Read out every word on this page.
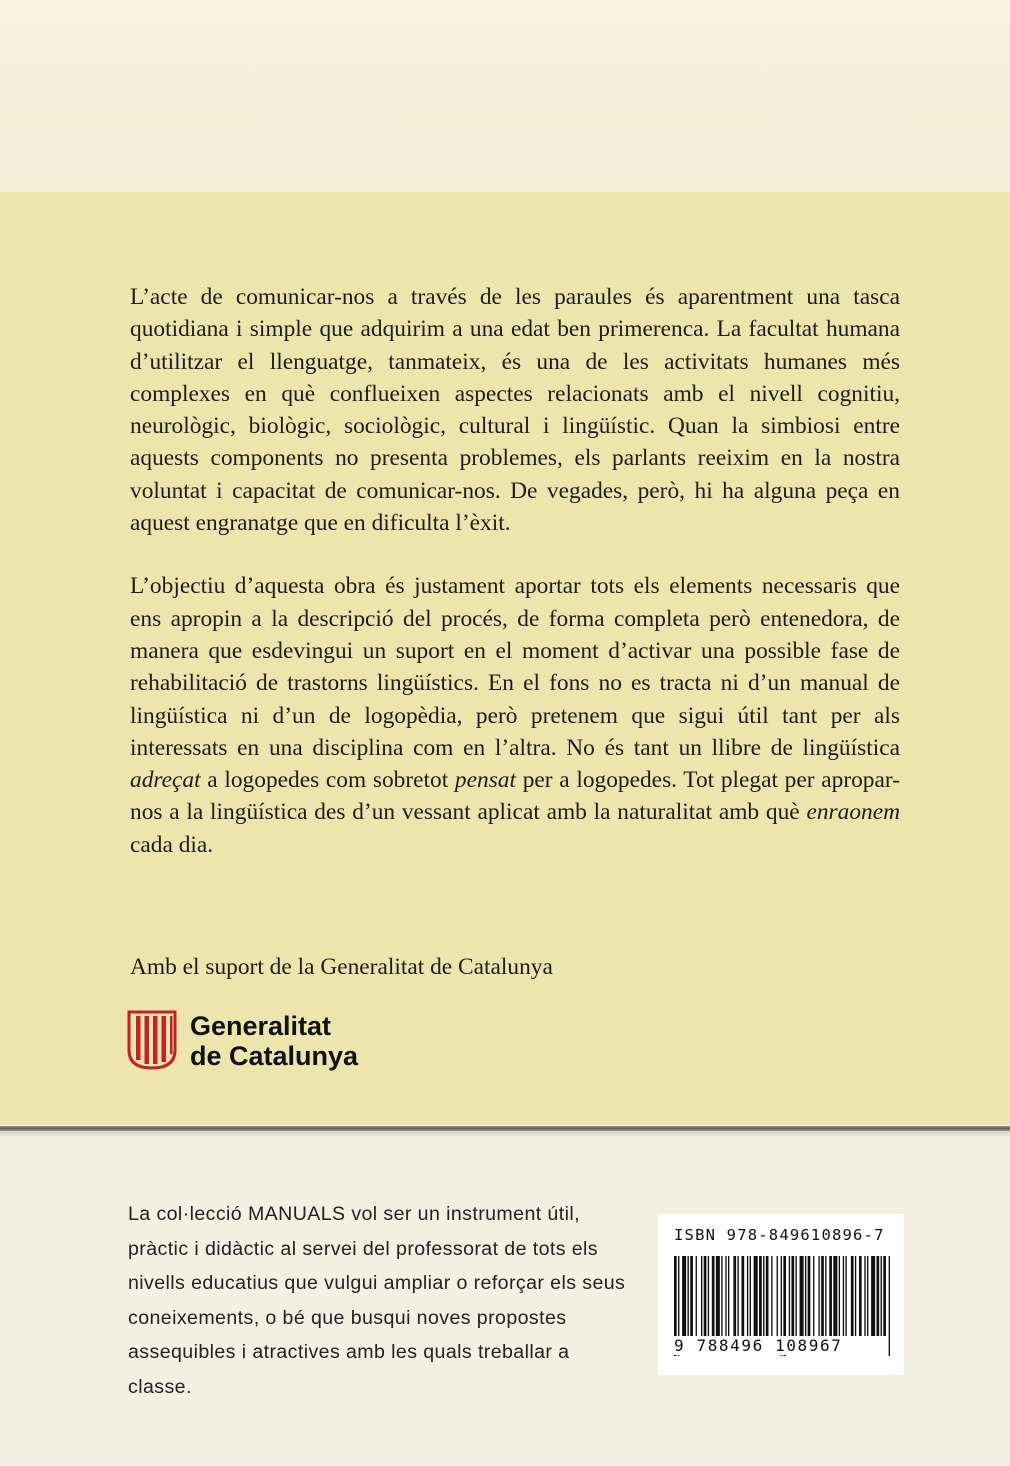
L’acte de comunicar-nos a través de les paraules és aparentment una tasca quotidiana i simple que adquirim a una edat ben primerenca. La facultat humana d’utilitzar el llenguatge, tanmateix, és una de les activitats humanes més complexes en què conflueixen aspectes relacionats amb el nivell cognitiu, neurològic, biològic, sociològic, cultural i lingüístic. Quan la simbiosi entre aquests components no presenta problemes, els parlants reeixim en la nostra voluntat i capacitat de comunicar-nos. De vegades, però, hi ha alguna peça en aquest engranatge que en dificulta l’èxit.

L’objectiu d’aquesta obra és justament aportar tots els elements necessaris que ens apropin a la descripció del procés, de forma completa però entenedora, de manera que esdevingui un suport en el moment d’activar una possible fase de rehabilitació de trastorns lingüístics. En el fons no es tracta ni d’un manual de lingüística ni d’un de logopèdia, però pretenem que sigui útil tant per als interessats en una disciplina com en l’altra. No és tant un llibre de lingüística adreçat a logopedes com sobretot pensat per a logopedes. Tot plegat per apropar-nos a la lingüística des d’un vessant aplicat amb la naturalitat amb què enraonem cada dia.

Amb el suport de la Generalitat de Catalunya
Generalitat
de Catalunya
La col·lecció MANUALS vol ser un instrument útil,
pràctic i didàctic al servei del professorat de tots els
nivells educatius que vulgui ampliar o reforçar els seus
coneixements, o bé que busqui noves propostes
assequibles i atractives amb les quals treballar a
classe.
ISBN 978-849610896-7
9 788496 108967
